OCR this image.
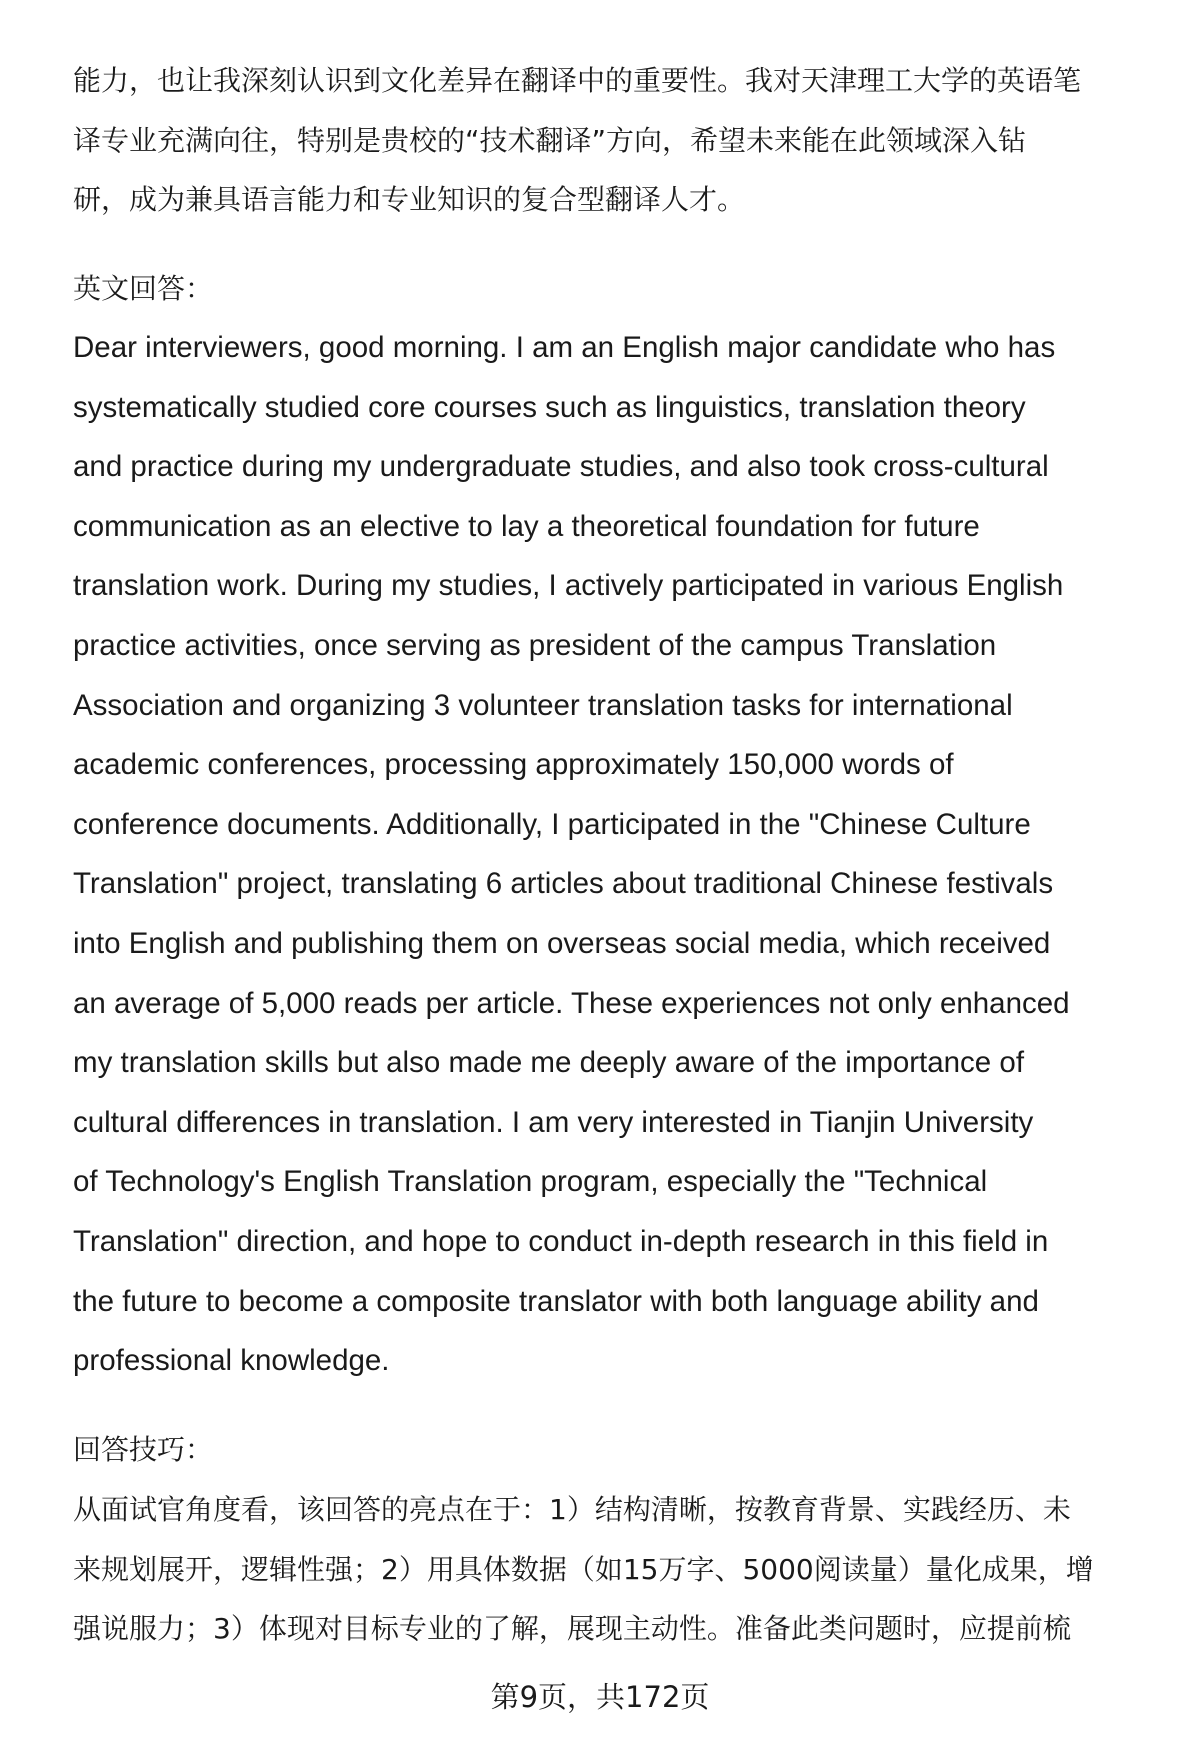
能力，也让我深刻认识到文化差异在翻译中的重要性。我对天津理工大学的英语笔
译专业充满向往，特别是贵校的“技术翻译”方向，希望未来能在此领域深入钻
研，成为兼具语言能力和专业知识的复合型翻译人才。
英文回答：
Dear interviewers, good morning. I am an English major candidate who has
systematically studied core courses such as linguistics, translation theory
and practice during my undergraduate studies, and also took cross-cultural
communication as an elective to lay a theoretical foundation for future
translation work. During my studies, I actively participated in various English
practice activities, once serving as president of the campus Translation
Association and organizing 3 volunteer translation tasks for international
academic conferences, processing approximately 150,000 words of
conference documents. Additionally, I participated in the "Chinese Culture
Translation" project, translating 6 articles about traditional Chinese festivals
into English and publishing them on overseas social media, which received
an average of 5,000 reads per article. These experiences not only enhanced
my translation skills but also made me deeply aware of the importance of
cultural differences in translation. I am very interested in Tianjin University
of Technology's English Translation program, especially the "Technical
Translation" direction, and hope to conduct in-depth research in this field in
the future to become a composite translator with both language ability and
professional knowledge.
回答技巧：
从面试官角度看，该回答的亮点在于：1）结构清晰，按教育背景、实践经历、未
来规划展开，逻辑性强；2）用具体数据（如15万字、5000阅读量）量化成果，增
强说服力；3）体现对目标专业的了解，展现主动性。准备此类问题时，应提前梳
第9页，共172页
